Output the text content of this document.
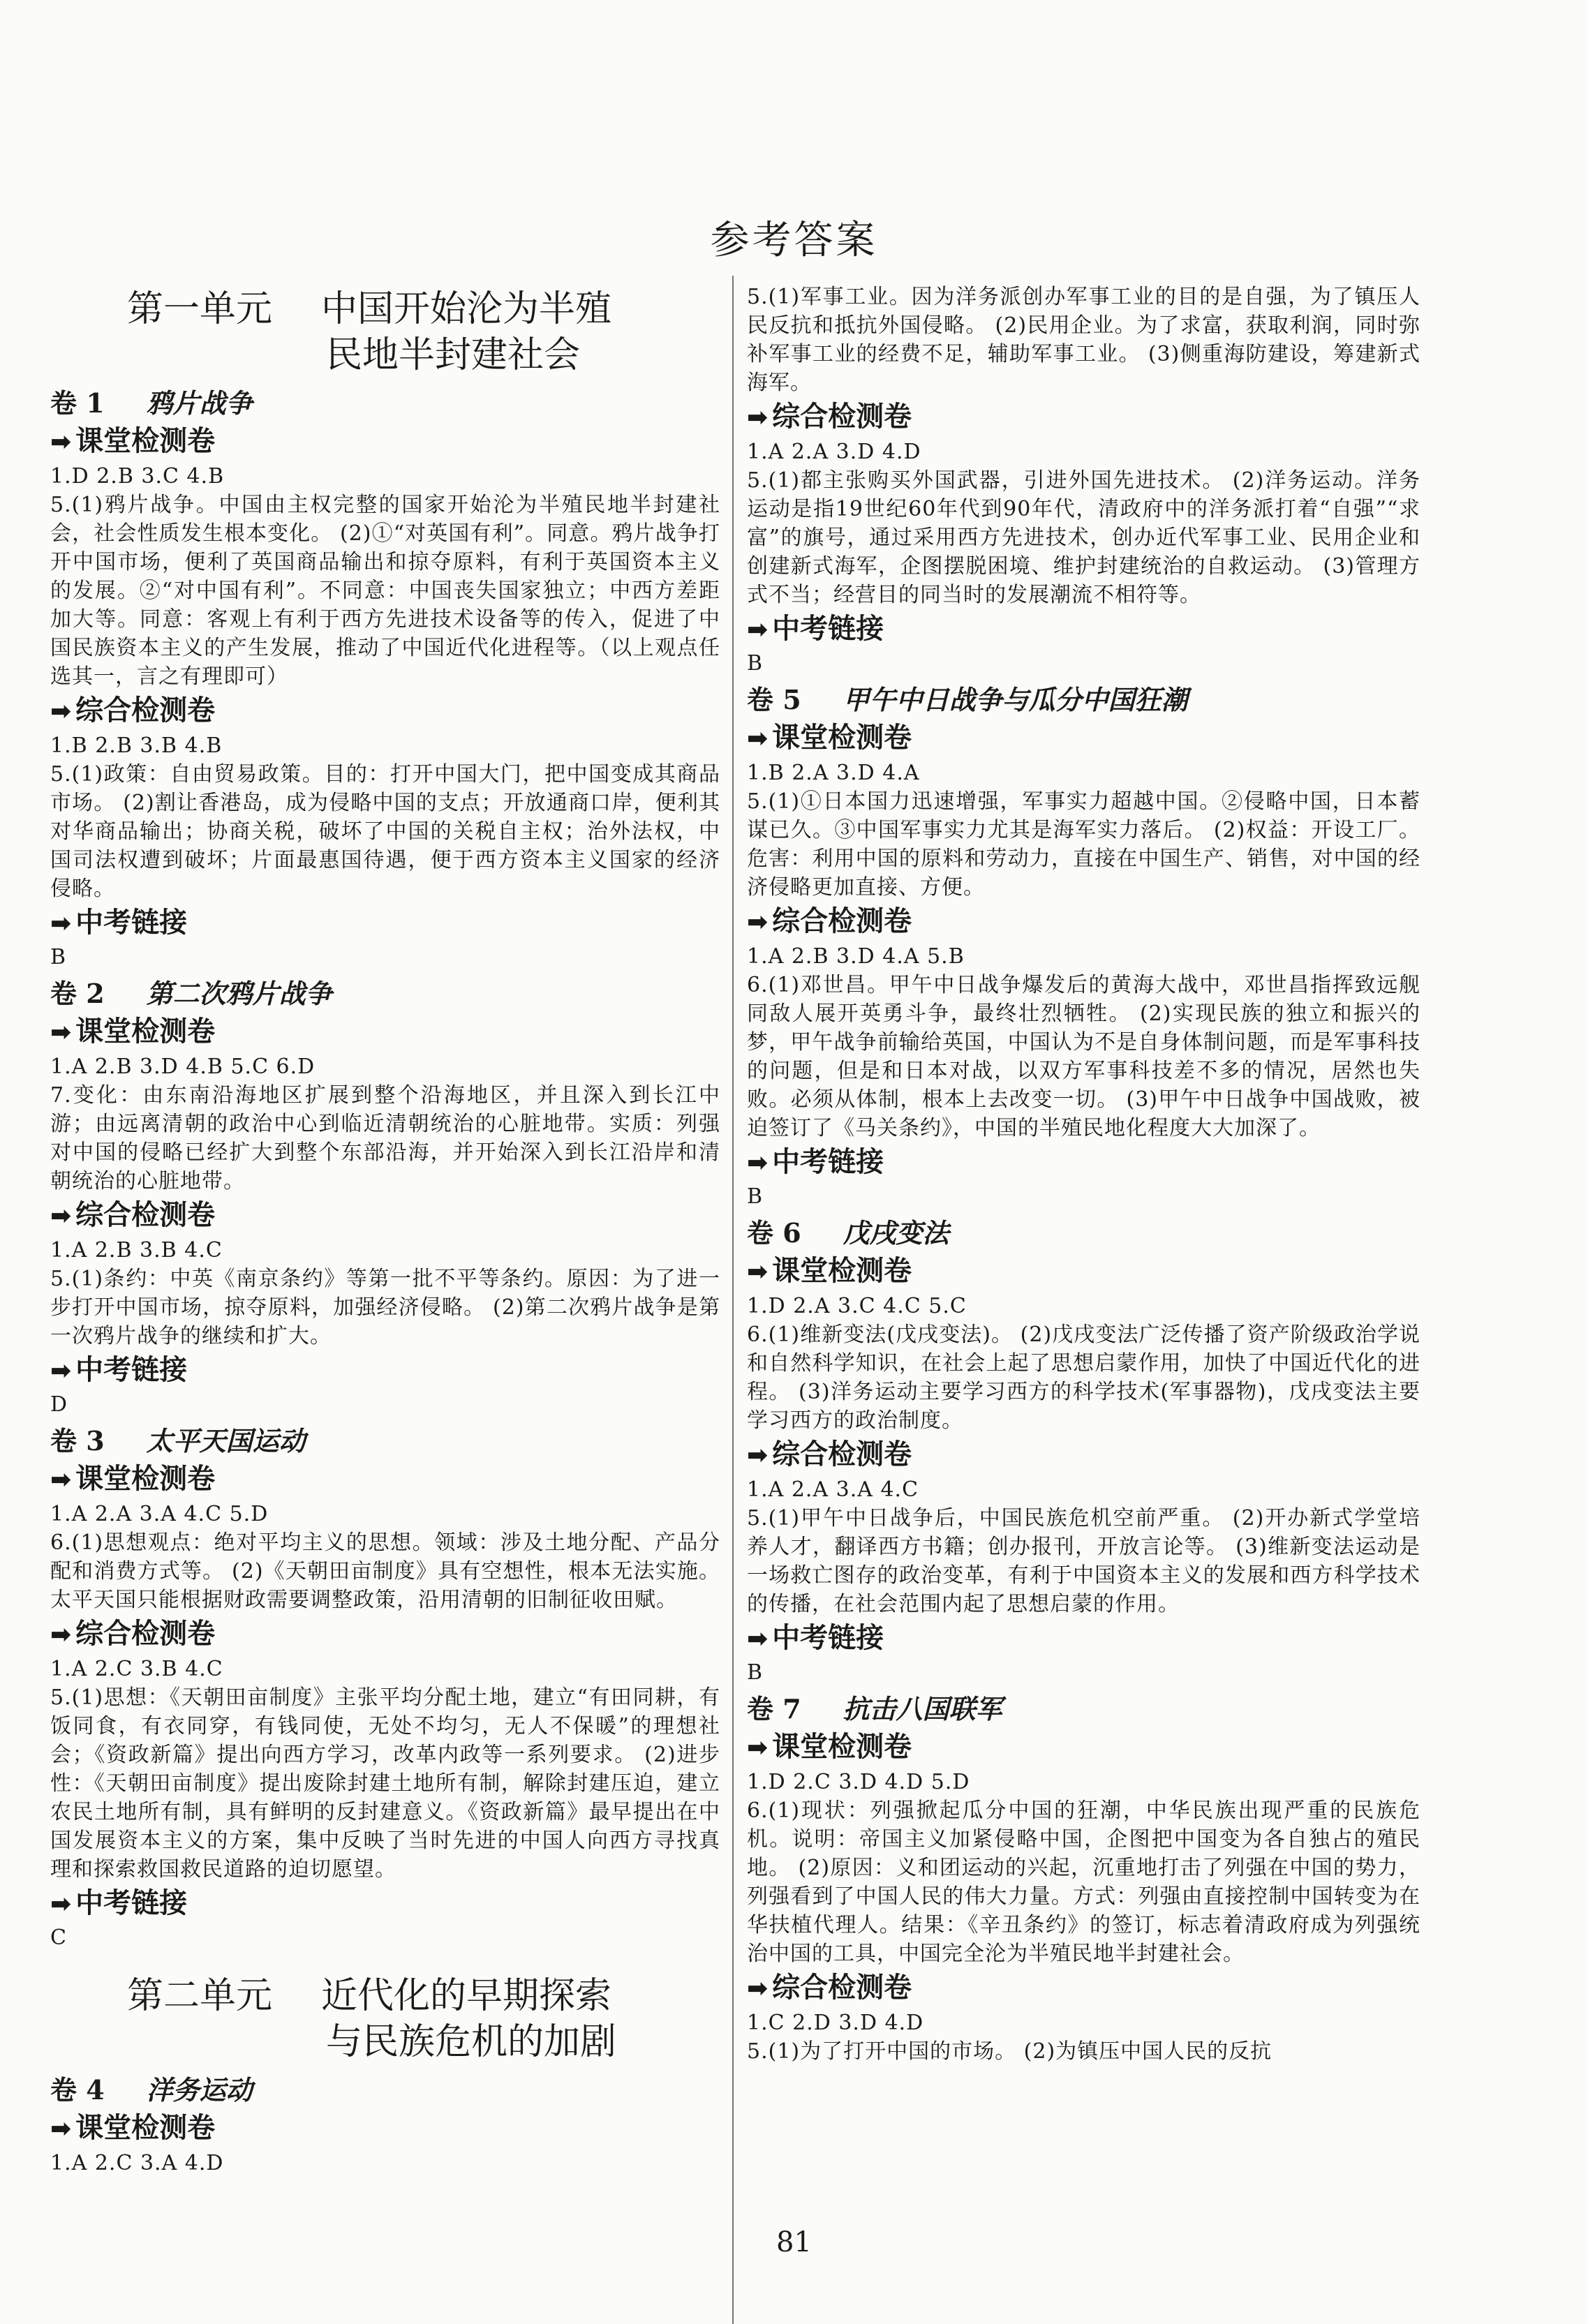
参考答案
第一单元 中国开始沦为半殖
民地半封建社会
卷 1 鸦片战争
➡ 课堂检测卷

1.D 2.B 3.C 4.B

5.(1)鸦片战争。中国由主权完整的国家开始沦为半殖民地半封建社会，社会性质发生根本变化。 (2)①“对英国有利”。同意。鸦片战争打开中国市场，便利了英国商品输出和掠夺原料，有利于英国资本主义的发展。②“对中国有利”。不同意：中国丧失国家独立；中西方差距加大等。同意：客观上有利于西方先进技术设备等的传入，促进了中国民族资本主义的产生发展，推动了中国近代化进程等。（以上观点任选其一，言之有理即可）

➡ 综合检测卷

1.B 2.B 3.B 4.B

5.(1)政策：自由贸易政策。目的：打开中国大门，把中国变成其商品市场。 (2)割让香港岛，成为侵略中国的支点；开放通商口岸，便利其对华商品输出；协商关税，破坏了中国的关税自主权；治外法权，中国司法权遭到破坏；片面最惠国待遇，便于西方资本主义国家的经济侵略。

➡ 中考链接

B

卷 2 第二次鸦片战争
➡ 课堂检测卷

1.A 2.B 3.D 4.B 5.C 6.D

7.变化：由东南沿海地区扩展到整个沿海地区，并且深入到长江中游；由远离清朝的政治中心到临近清朝统治的心脏地带。实质：列强对中国的侵略已经扩大到整个东部沿海，并开始深入到长江沿岸和清朝统治的心脏地带。

➡ 综合检测卷

1.A 2.B 3.B 4.C

5.(1)条约：中英《南京条约》等第一批不平等条约。原因：为了进一步打开中国市场，掠夺原料，加强经济侵略。 (2)第二次鸦片战争是第一次鸦片战争的继续和扩大。

➡ 中考链接

D

卷 3 太平天国运动
➡ 课堂检测卷

1.A 2.A 3.A 4.C 5.D

6.(1)思想观点：绝对平均主义的思想。领域：涉及土地分配、产品分配和消费方式等。 (2)《天朝田亩制度》具有空想性，根本无法实施。太平天国只能根据财政需要调整政策，沿用清朝的旧制征收田赋。

➡ 综合检测卷

1.A 2.C 3.B 4.C

5.(1)思想：《天朝田亩制度》主张平均分配土地，建立“有田同耕，有饭同食，有衣同穿，有钱同使，无处不均匀，无人不保暖”的理想社会；《资政新篇》提出向西方学习，改革内政等一系列要求。 (2)进步性：《天朝田亩制度》提出废除封建土地所有制，解除封建压迫，建立农民土地所有制，具有鲜明的反封建意义。《资政新篇》最早提出在中国发展资本主义的方案，集中反映了当时先进的中国人向西方寻找真理和探索救国救民道路的迫切愿望。

➡ 中考链接

C

第二单元 近代化的早期探索
与民族危机的加剧
卷 4 洋务运动
➡ 课堂检测卷

1.A 2.C 3.A 4.D

5.(1)军事工业。因为洋务派创办军事工业的目的是自强，为了镇压人民反抗和抵抗外国侵略。 (2)民用企业。为了求富，获取利润，同时弥补军事工业的经费不足，辅助军事工业。 (3)侧重海防建设，筹建新式海军。

➡ 综合检测卷

1.A 2.A 3.D 4.D

5.(1)都主张购买外国武器，引进外国先进技术。 (2)洋务运动。洋务运动是指19世纪60年代到90年代，清政府中的洋务派打着“自强”“求富”的旗号，通过采用西方先进技术，创办近代军事工业、民用企业和创建新式海军，企图摆脱困境、维护封建统治的自救运动。 (3)管理方式不当；经营目的同当时的发展潮流不相符等。

➡ 中考链接

B

卷 5 甲午中日战争与瓜分中国狂潮
➡ 课堂检测卷

1.B 2.A 3.D 4.A

5.(1)①日本国力迅速增强，军事实力超越中国。②侵略中国，日本蓄谋已久。③中国军事实力尤其是海军实力落后。 (2)权益：开设工厂。危害：利用中国的原料和劳动力，直接在中国生产、销售，对中国的经济侵略更加直接、方便。

➡ 综合检测卷

1.A 2.B 3.D 4.A 5.B

6.(1)邓世昌。甲午中日战争爆发后的黄海大战中，邓世昌指挥致远舰同敌人展开英勇斗争，最终壮烈牺牲。 (2)实现民族的独立和振兴的梦，甲午战争前输给英国，中国认为不是自身体制问题，而是军事科技的问题，但是和日本对战，以双方军事科技差不多的情况，居然也失败。必须从体制，根本上去改变一切。 (3)甲午中日战争中国战败，被迫签订了《马关条约》，中国的半殖民地化程度大大加深了。

➡ 中考链接

B

卷 6 戊戌变法
➡ 课堂检测卷

1.D 2.A 3.C 4.C 5.C

6.(1)维新变法(戊戌变法)。 (2)戊戌变法广泛传播了资产阶级政治学说和自然科学知识，在社会上起了思想启蒙作用，加快了中国近代化的进程。 (3)洋务运动主要学习西方的科学技术(军事器物)，戊戌变法主要学习西方的政治制度。

➡ 综合检测卷

1.A 2.A 3.A 4.C

5.(1)甲午中日战争后，中国民族危机空前严重。 (2)开办新式学堂培养人才，翻译西方书籍；创办报刊，开放言论等。 (3)维新变法运动是一场救亡图存的政治变革，有利于中国资本主义的发展和西方科学技术的传播，在社会范围内起了思想启蒙的作用。

➡ 中考链接

B

卷 7 抗击八国联军
➡ 课堂检测卷

1.D 2.C 3.D 4.D 5.D

6.(1)现状：列强掀起瓜分中国的狂潮，中华民族出现严重的民族危机。说明：帝国主义加紧侵略中国，企图把中国变为各自独占的殖民地。 (2)原因：义和团运动的兴起，沉重地打击了列强在中国的势力，列强看到了中国人民的伟大力量。方式：列强由直接控制中国转变为在华扶植代理人。结果：《辛丑条约》的签订，标志着清政府成为列强统治中国的工具，中国完全沦为半殖民地半封建社会。

➡ 综合检测卷

1.C 2.D 3.D 4.D

5.(1)为了打开中国的市场。 (2)为镇压中国人民的反抗

81
